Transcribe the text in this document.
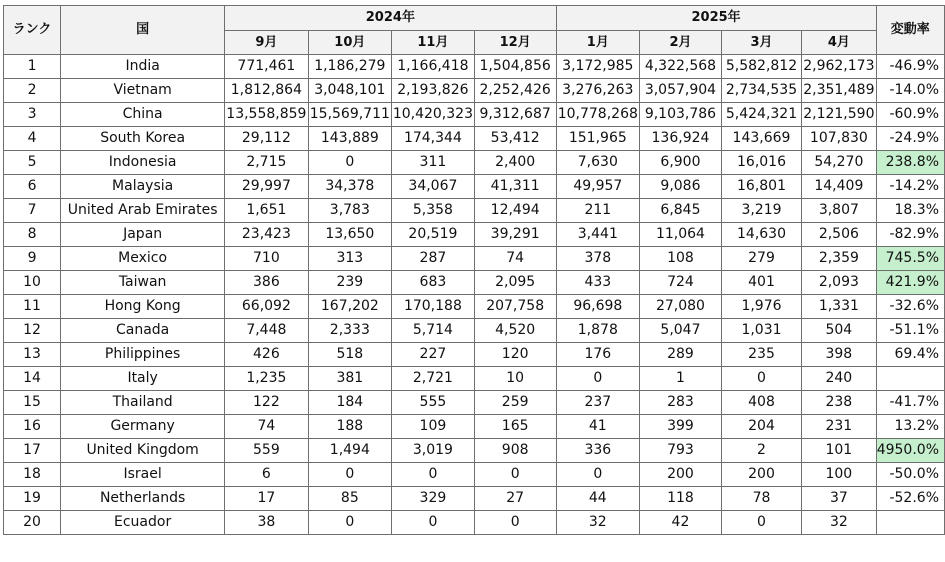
ランク	国	2024年				2025年				変動率
		9月	10月	11月	12月	1月	2月	3月	4月	
1	India	771,461	1,186,279	1,166,418	1,504,856	3,172,985	4,322,568	5,582,812	2,962,173	-46.9%
2	Vietnam	1,812,864	3,048,101	2,193,826	2,252,426	3,276,263	3,057,904	2,734,535	2,351,489	-14.0%
3	China	13,558,859	15,569,711	10,420,323	9,312,687	10,778,268	9,103,786	5,424,321	2,121,590	-60.9%
4	South Korea	29,112	143,889	174,344	53,412	151,965	136,924	143,669	107,830	-24.9%
5	Indonesia	2,715	0	311	2,400	7,630	6,900	16,016	54,270	238.8%
6	Malaysia	29,997	34,378	34,067	41,311	49,957	9,086	16,801	14,409	-14.2%
7	United Arab Emirates	1,651	3,783	5,358	12,494	211	6,845	3,219	3,807	18.3%
8	Japan	23,423	13,650	20,519	39,291	3,441	11,064	14,630	2,506	-82.9%
9	Mexico	710	313	287	74	378	108	279	2,359	745.5%
10	Taiwan	386	239	683	2,095	433	724	401	2,093	421.9%
11	Hong Kong	66,092	167,202	170,188	207,758	96,698	27,080	1,976	1,331	-32.6%
12	Canada	7,448	2,333	5,714	4,520	1,878	5,047	1,031	504	-51.1%
13	Philippines	426	518	227	120	176	289	235	398	69.4%
14	Italy	1,235	381	2,721	10	0	1	0	240	
15	Thailand	122	184	555	259	237	283	408	238	-41.7%
16	Germany	74	188	109	165	41	399	204	231	13.2%
17	United Kingdom	559	1,494	3,019	908	336	793	2	101	4950.0%
18	Israel	6	0	0	0	0	200	200	100	-50.0%
19	Netherlands	17	85	329	27	44	118	78	37	-52.6%
20	Ecuador	38	0	0	0	32	42	0	32	
